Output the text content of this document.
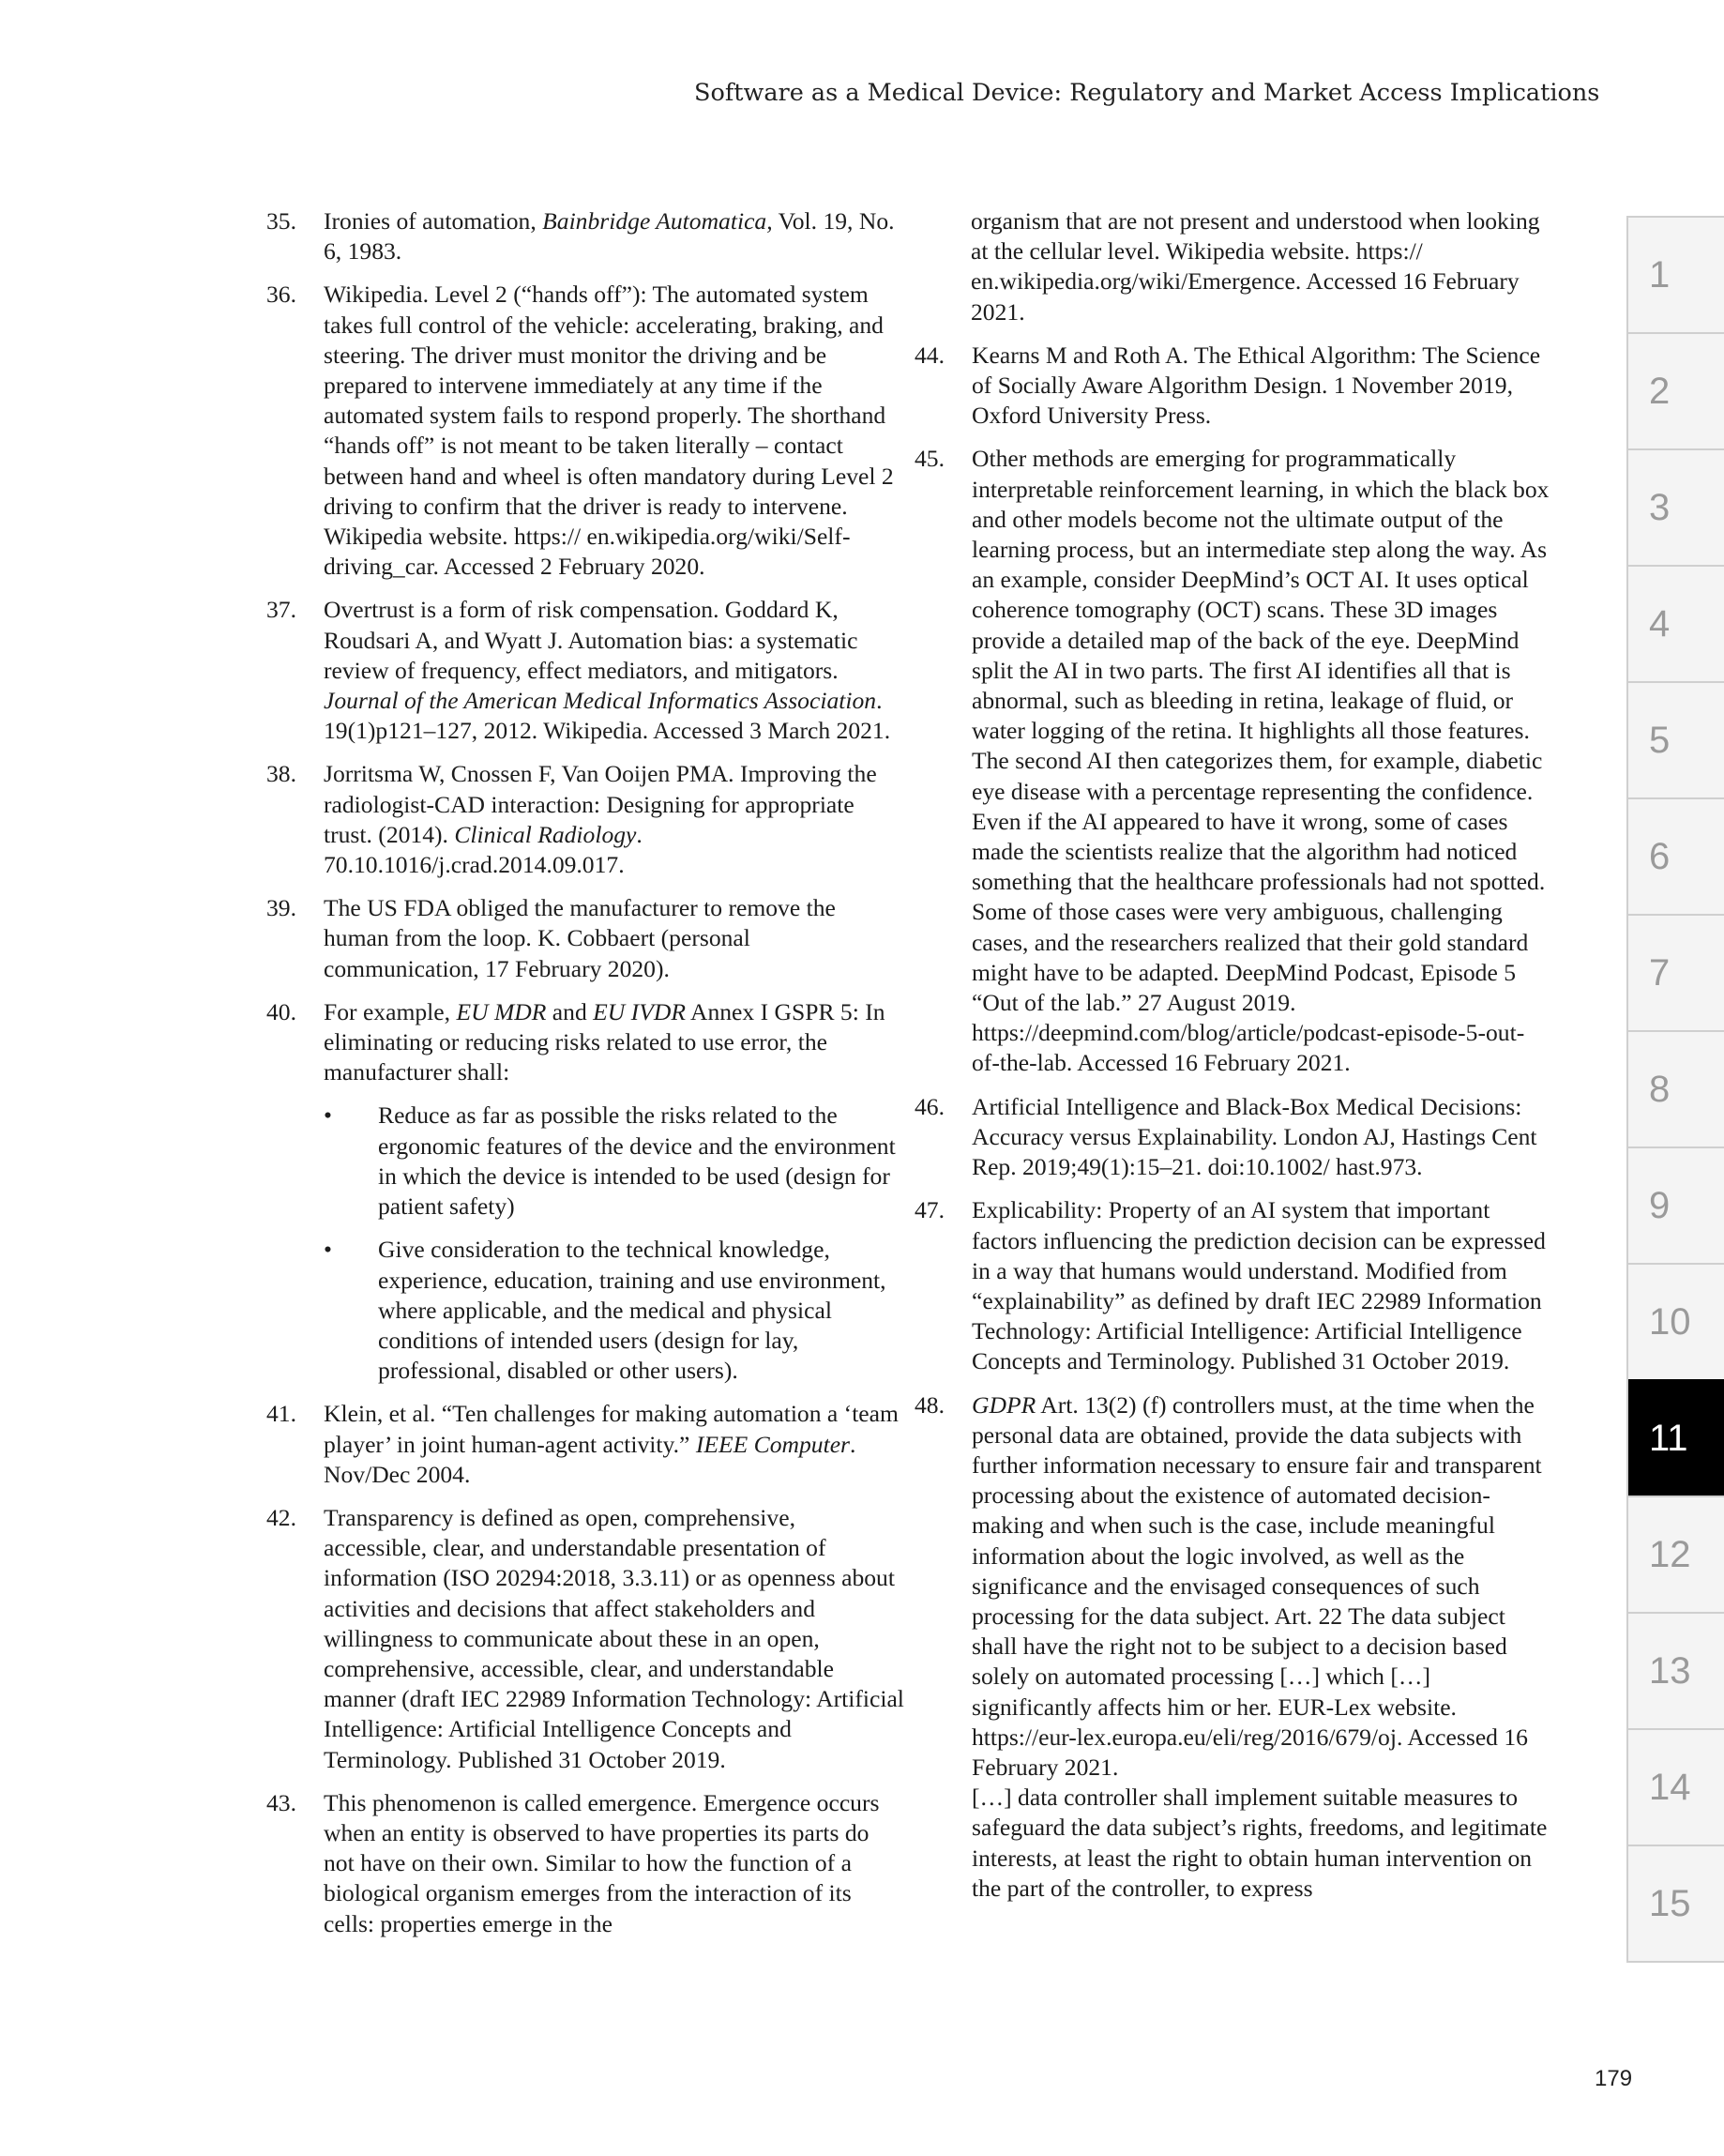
Software as a Medical Device: Regulatory and Market Access Implications
35. Ironies of automation, Bainbridge Automatica, Vol. 19, No. 6, 1983.
36. Wikipedia. Level 2 (“hands off”): The automated system takes full control of the vehicle: accelerating, braking, and steering. The driver must monitor the driving and be prepared to intervene immediately at any time if the automated system fails to respond properly. The shorthand “hands off” is not meant to be taken literally – contact between hand and wheel is often mandatory during Level 2 driving to confirm that the driver is ready to intervene. Wikipedia website. https:// en.wikipedia.org/wiki/Self-driving_car. Accessed 2 February 2020.
37. Overtrust is a form of risk compensation. Goddard K, Roudsari A, and Wyatt J. Automation bias: a systematic review of frequency, effect mediators, and mitigators. Journal of the American Medical Informatics Association. 19(1)p121–127, 2012. Wikipedia. Accessed 3 March 2021.
38. Jorritsma W, Cnossen F, Van Ooijen PMA. Improving the radiologist-CAD interaction: Designing for appropriate trust. (2014). Clinical Radiology. 70.10.1016/j.crad.2014.09.017.
39. The US FDA obliged the manufacturer to remove the human from the loop. K. Cobbaert (personal communication, 17 February 2020).
40. For example, EU MDR and EU IVDR Annex I GSPR 5: In eliminating or reducing risks related to use error, the manufacturer shall:
• Reduce as far as possible the risks related to the ergonomic features of the device and the environment in which the device is intended to be used (design for patient safety)
• Give consideration to the technical knowledge, experience, education, training and use environment, where applicable, and the medical and physical conditions of intended users (design for lay, professional, disabled or other users).
41. Klein, et al. “Ten challenges for making automation a ‘team player’ in joint human-agent activity.” IEEE Computer. Nov/Dec 2004.
42. Transparency is defined as open, comprehensive, accessible, clear, and understandable presentation of information (ISO 20294:2018, 3.3.11) or as openness about activities and decisions that affect stakeholders and willingness to communicate about these in an open, comprehensive, accessible, clear, and understandable manner (draft IEC 22989 Information Technology: Artificial Intelligence: Artificial Intelligence Concepts and Terminology. Published 31 October 2019.
43. This phenomenon is called emergence. Emergence occurs when an entity is observed to have properties its parts do not have on their own. Similar to how the function of a biological organism emerges from the interaction of its cells: properties emerge in the
organism that are not present and understood when looking at the cellular level. Wikipedia website. https:// en.wikipedia.org/wiki/Emergence. Accessed 16 February 2021.
44. Kearns M and Roth A. The Ethical Algorithm: The Science of Socially Aware Algorithm Design. 1 November 2019, Oxford University Press.
45. Other methods are emerging for programmatically interpretable reinforcement learning, in which the black box and other models become not the ultimate output of the learning process, but an intermediate step along the way. As an example, consider DeepMind’s OCT AI. It uses optical coherence tomography (OCT) scans. These 3D images provide a detailed map of the back of the eye. DeepMind split the AI in two parts. The first AI identifies all that is abnormal, such as bleeding in retina, leakage of fluid, or water logging of the retina. It highlights all those features. The second AI then categorizes them, for example, diabetic eye disease with a percentage representing the confidence. Even if the AI appeared to have it wrong, some of cases made the scientists realize that the algorithm had noticed something that the healthcare professionals had not spotted. Some of those cases were very ambiguous, challenging cases, and the researchers realized that their gold standard might have to be adapted. DeepMind Podcast, Episode 5 “Out of the lab.” 27 August 2019. https://deepmind.com/blog/article/podcast-episode-5-out-of-the-lab. Accessed 16 February 2021.
46. Artificial Intelligence and Black-Box Medical Decisions: Accuracy versus Explainability. London AJ, Hastings Cent Rep. 2019;49(1):15–21. doi:10.1002/ hast.973.
47. Explicability: Property of an AI system that important factors influencing the prediction decision can be expressed in a way that humans would understand. Modified from “explainability” as defined by draft IEC 22989 Information Technology: Artificial Intelligence: Artificial Intelligence Concepts and Terminology. Published 31 October 2019.
48. GDPR Art. 13(2) (f) controllers must, at the time when the personal data are obtained, provide the data subjects with further information necessary to ensure fair and transparent processing about the existence of automated decision-making and when such is the case, include meaningful information about the logic involved, as well as the significance and the envisaged consequences of such processing for the data subject. Art. 22 The data subject shall have the right not to be subject to a decision based solely on automated processing […] which […] significantly affects him or her. EUR-Lex website. https://eur-lex.europa.eu/eli/reg/2016/679/oj. Accessed 16 February 2021.
[…] data controller shall implement suitable measures to safeguard the data subject’s rights, freedoms, and legitimate interests, at least the right to obtain human intervention on the part of the controller, to express
1
2
3
4
5
6
7
8
9
10
11
12
13
14
15
179
